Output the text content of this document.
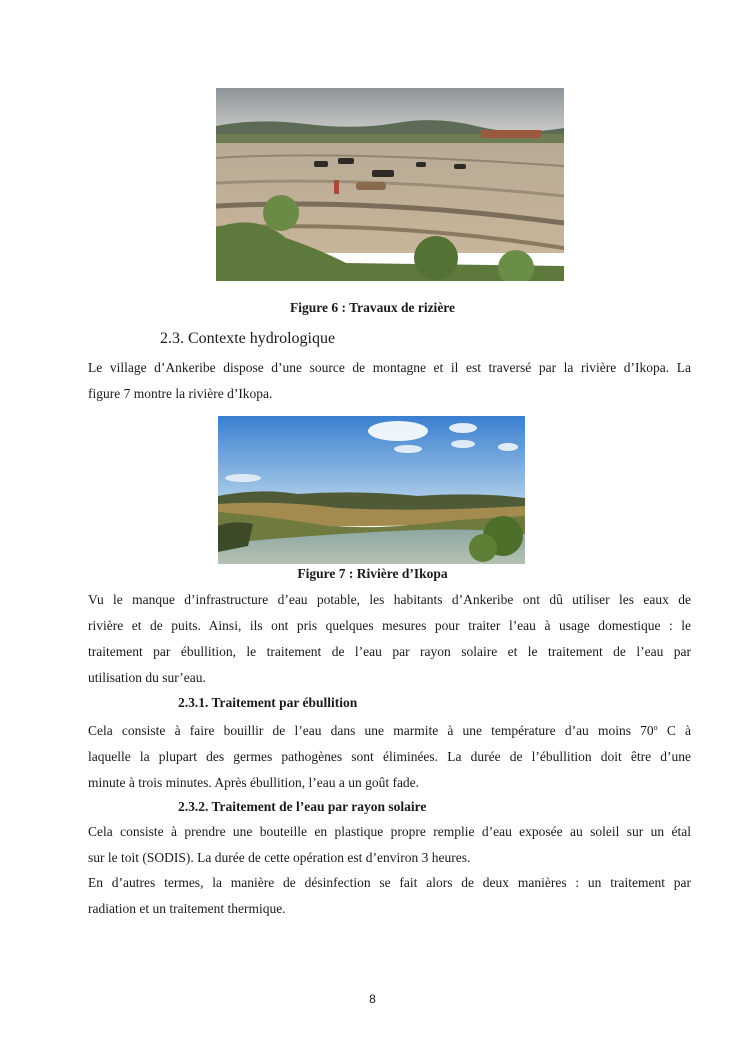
Figure 6 : Travaux de rizière
2.3. Contexte hydrologique

Le village d’Ankeribe dispose d’une source de montagne et il est traversé par la rivière d’Ikopa. La
figure 7 montre la rivière d’Ikopa.

Figure 7 : Rivière d’Ikopa

Vu le manque d’infrastructure d’eau potable, les habitants d’Ankeribe ont dû utiliser les eaux de
rivière et de puits. Ainsi, ils ont pris quelques mesures pour traiter l’eau à usage domestique : le
traitement par ébullition, le traitement de l’eau par rayon solaire et le traitement de l’eau par
utilisation du sur’eau.

2.3.1. Traitement par ébullition

Cela consiste à faire bouillir de l’eau dans une marmite à une température d’au moins 70$^o$ C à
laquelle la plupart des germes pathogènes sont éliminées. La durée de l’ébullition doit être d’une
minute à trois minutes. Après ébullition, l’eau a un goût fade.

2.3.2. Traitement de l’eau par rayon solaire

Cela consiste à prendre une bouteille en plastique propre remplie d’eau exposée au soleil sur un étal
sur le toit (SODIS). La durée de cette opération est d’environ 3 heures.

En d’autres termes, la manière de désinfection se fait alors de deux manières : un traitement par
radiation et un traitement thermique.

8
